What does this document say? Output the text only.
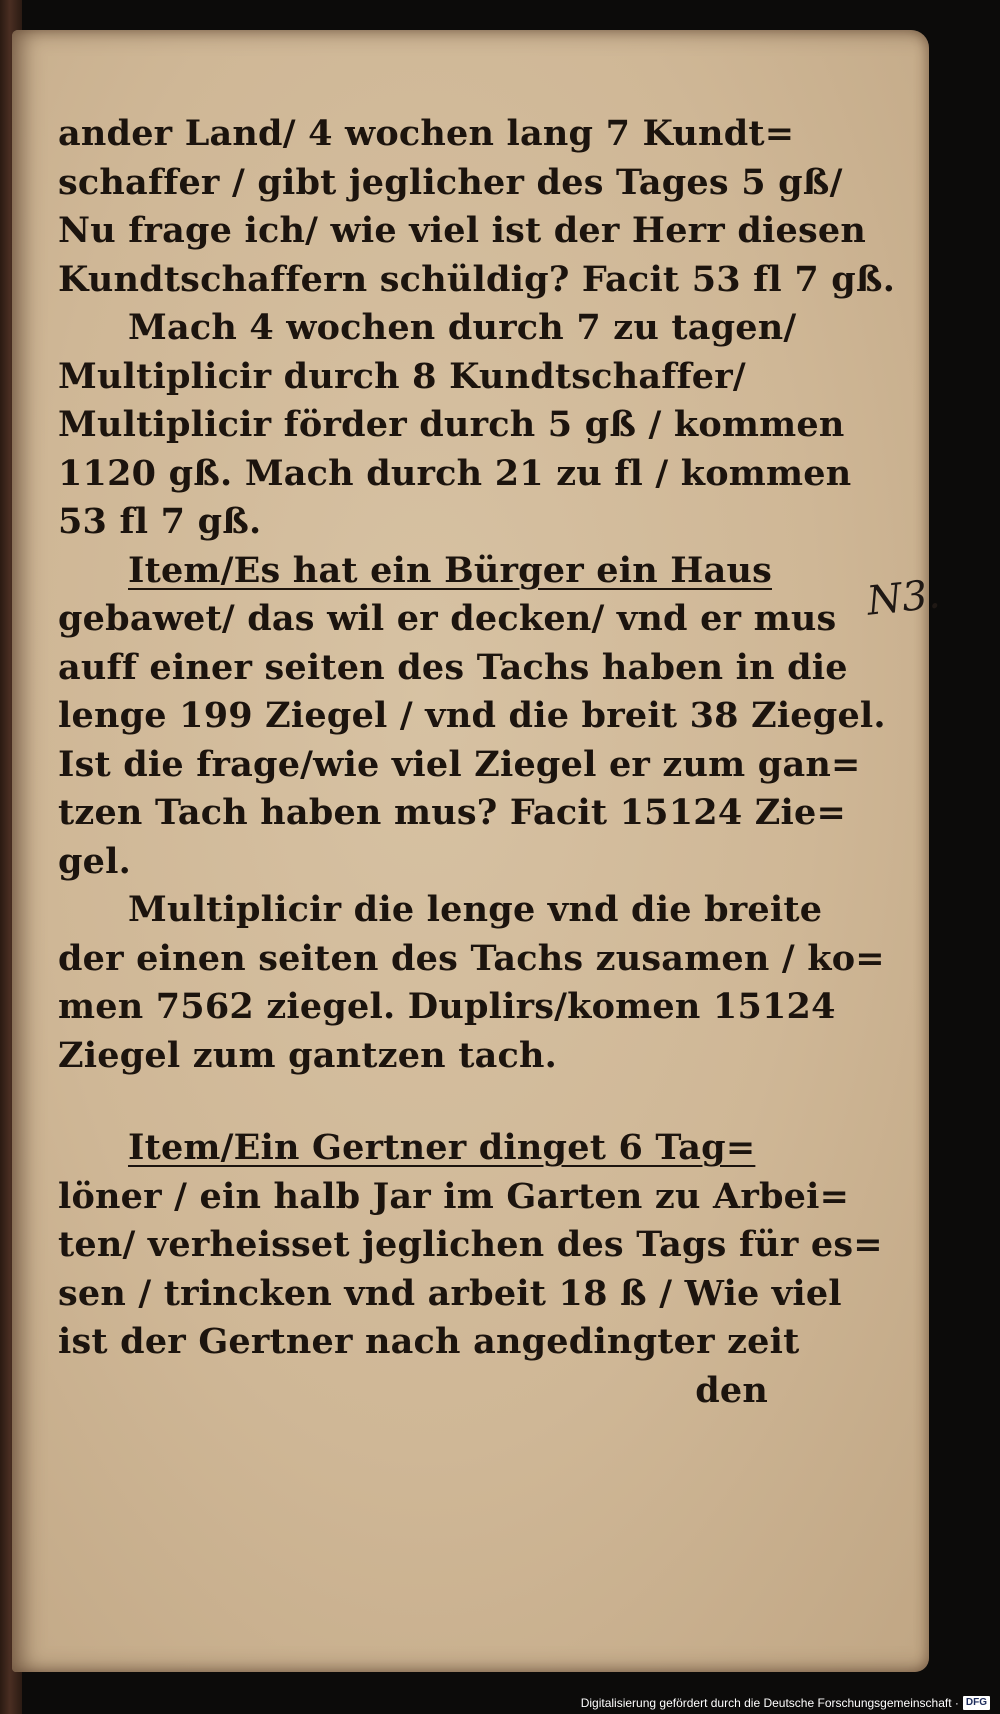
ander Land/ 4 wochen lang 7 Kundt=
schaffer / gibt jeglicher des Tages 5 gß/
Nu frage ich/ wie viel ist der Herr diesen
Kundtschaffern schüldig? Facit 53 fl 7 gß.
Mach 4 wochen durch 7 zu tagen/
Multiplicir durch 8 Kundtschaffer/
Multiplicir förder durch 5 gß / kommen
1120 gß. Mach durch 21 zu fl / kommen
53 fl 7 gß.
Item/Es hat ein Bürger ein Haus
gebawet/ das wil er decken/ vnd er mus
auff einer seiten des Tachs haben in die
lenge 199 Ziegel / vnd die breit 38 Ziegel.
Ist die frage/wie viel Ziegel er zum gan=
tzen Tach haben mus? Facit 15124 Zie=
gel.
Multiplicir die lenge vnd die breite
der einen seiten des Tachs zusamen / ko=
men 7562 ziegel. Duplirs/komen 15124
Ziegel zum gantzen tach.
Item/Ein Gertner dinget 6 Tag=
löner / ein halb Jar im Garten zu Arbei=
ten/ verheisset jeglichen des Tags für es=
sen / trincken vnd arbeit 18 ß / Wie viel
ist der Gertner nach angedingter zeit
den
N3.
Digitalisierung gefördert durch die Deutsche Forschungsgemeinschaft · DFG
